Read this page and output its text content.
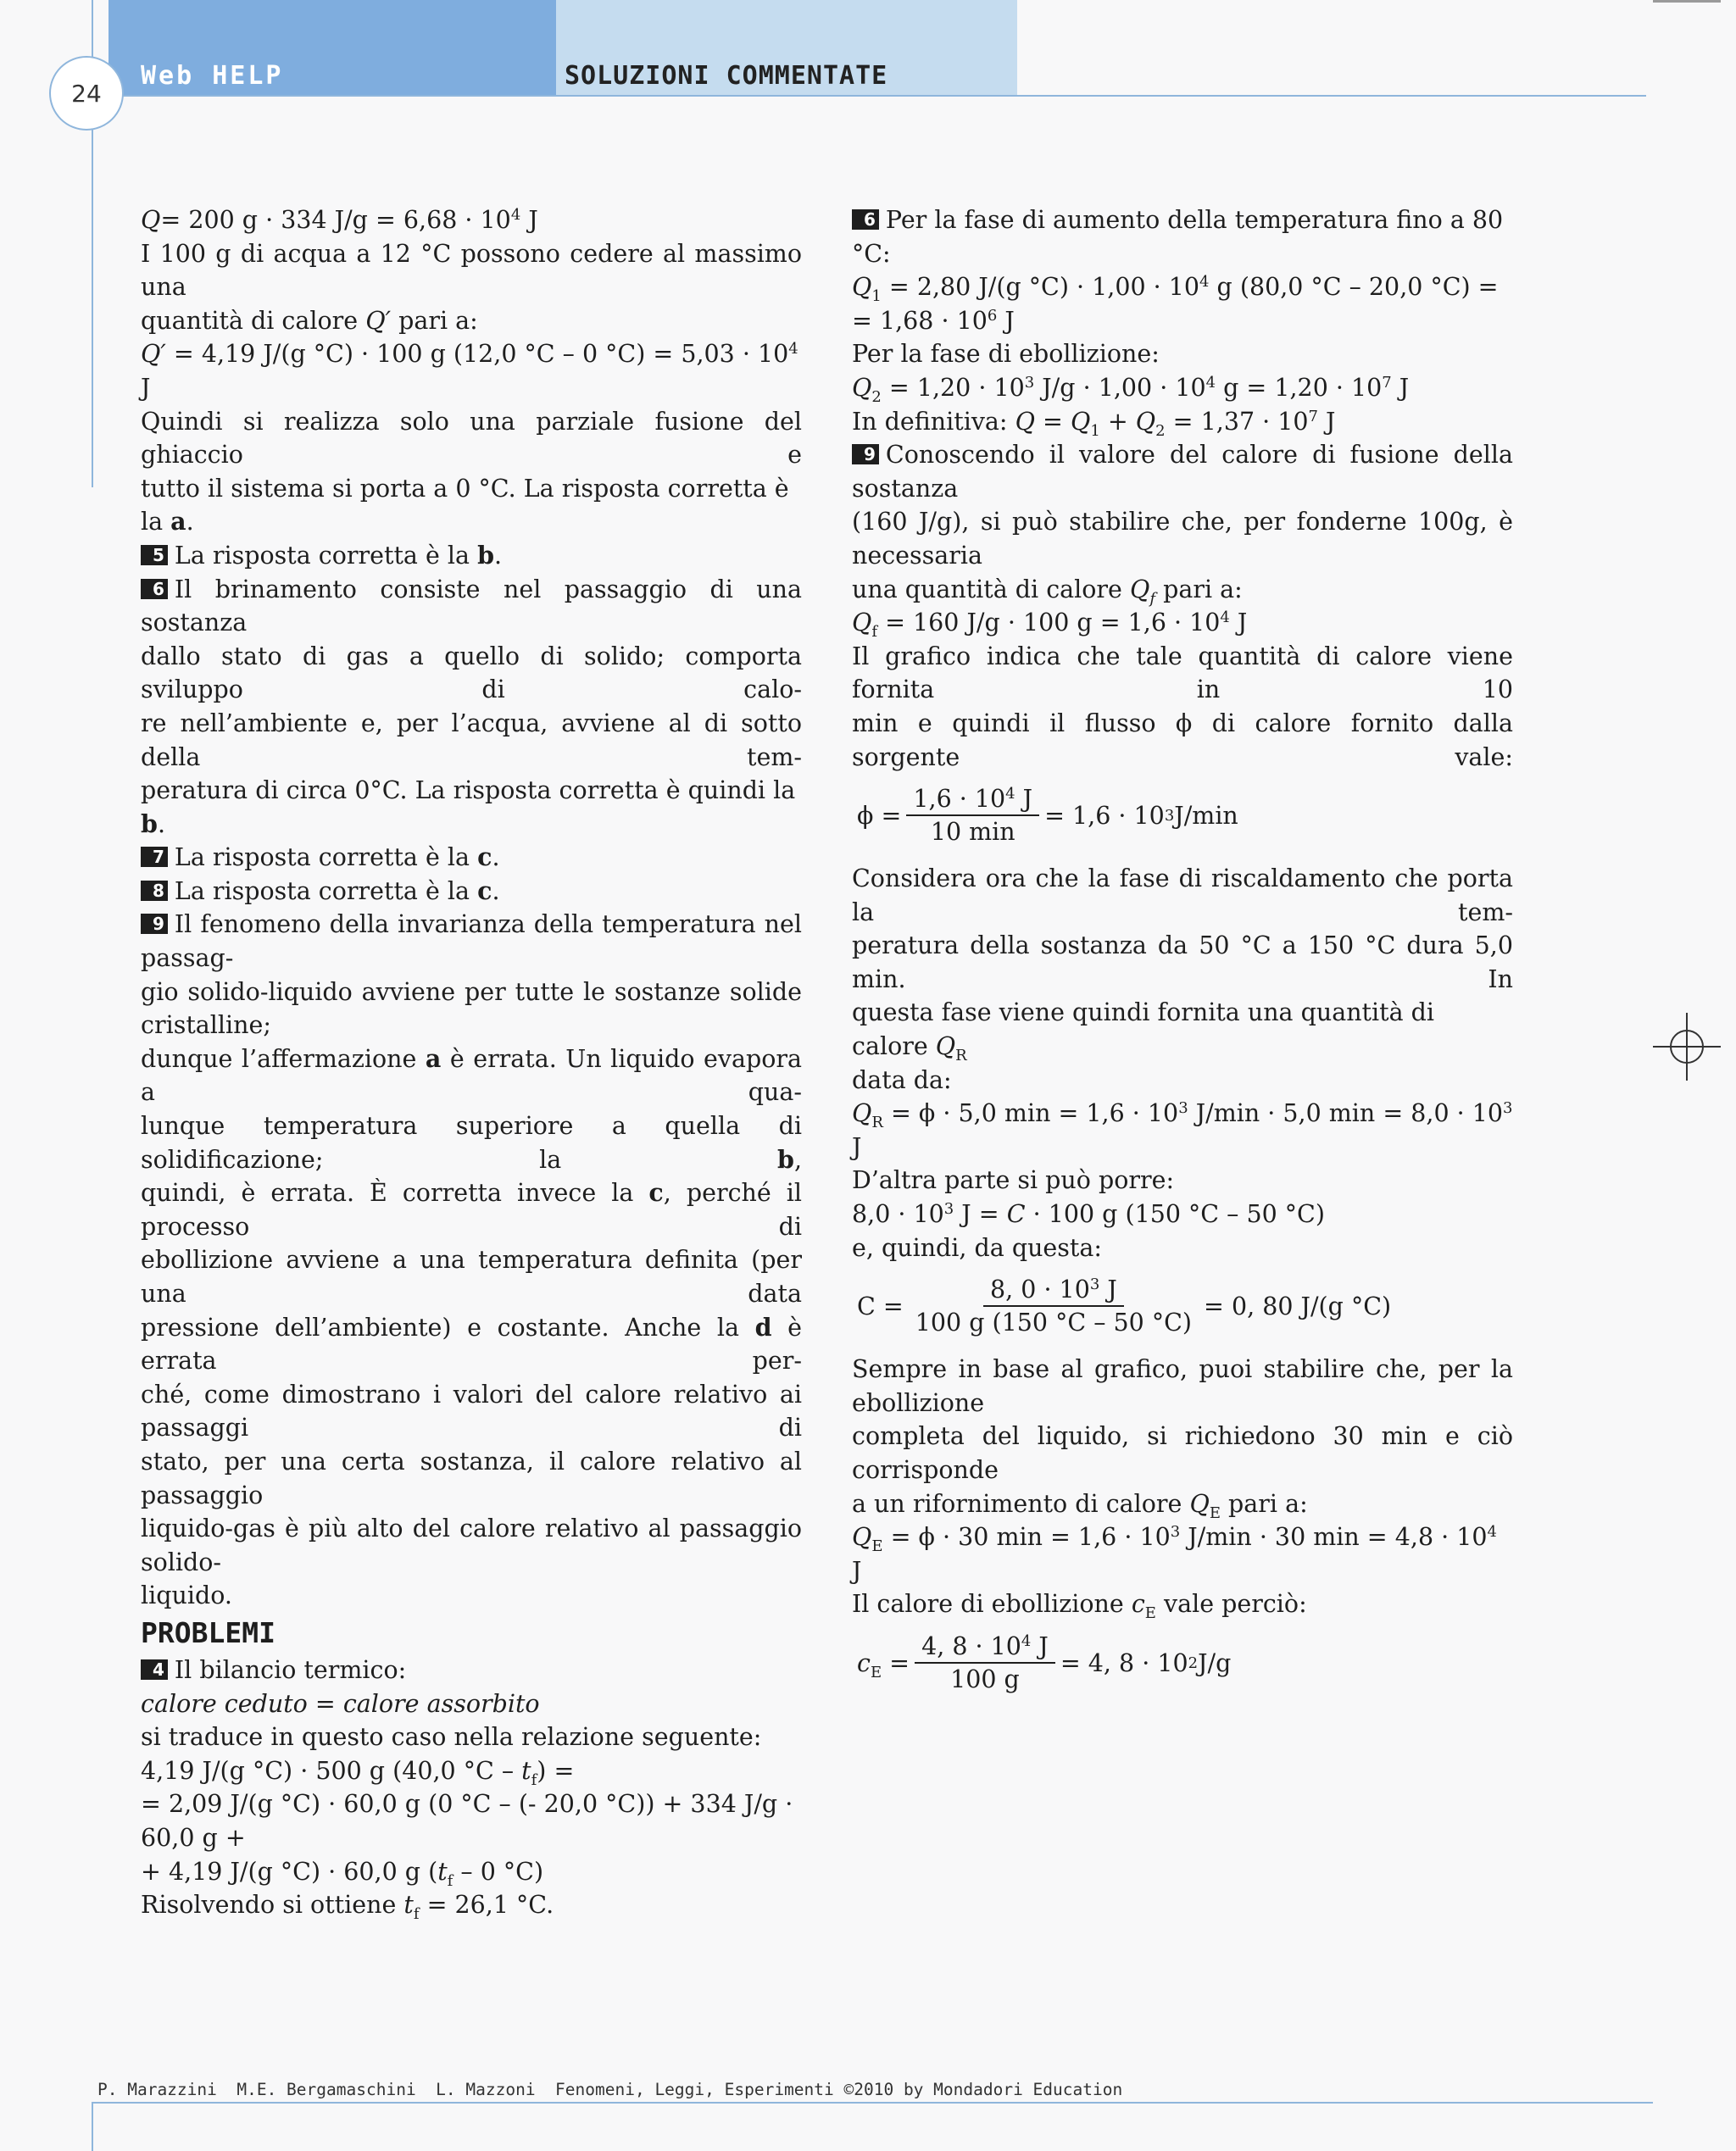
24
Web HELP	SOLUZIONI COMMENTATE

Q= 200 g · 334 $J/g = 6,68 \cdot 10^4$ J

I 100 g di acqua a 12 °C possono cedere al massimo una

quantità di calore Q′ pari a:

Q′ = 4,19 J/(g °C) · 100 g (12,0 °C – 0 $^\circ C) = 5,03 \cdot 10^4$ J

Quindi si realizza solo una parziale fusione del ghiaccio e

tutto il sistema si porta a 0 °C. La risposta corretta è la a.

5 La risposta corretta è la b.

6 Il brinamento consiste nel passaggio di una sostanza

dallo stato di gas a quello di solido; comporta sviluppo di calo-

re nell’ambiente e, per l’acqua, avviene al di sotto della tem-

peratura di circa 0°C. La risposta corretta è quindi la b.

7 La risposta corretta è la c.

8 La risposta corretta è la c.

9 Il fenomeno della invarianza della temperatura nel passag-

gio solido-liquido avviene per tutte le sostanze solide cristalline;

dunque l’affermazione a è errata. Un liquido evapora a qua-

lunque temperatura superiore a quella di solidificazione; la b,

quindi, è errata. È corretta invece la c, perché il processo di

ebollizione avviene a una temperatura definita (per una data

pressione dell’ambiente) e costante. Anche la d è errata per-

ché, come dimostrano i valori del calore relativo ai passaggi di

stato, per una certa sostanza, il calore relativo al passaggio

liquido-gas è più alto del calore relativo al passaggio solido-

liquido.

PROBLEMI

4 Il bilancio termico:

calore ceduto = calore assorbito

si traduce in questo caso nella relazione seguente:

4,19 J/(g °C) · 500 g (40,0 $^\circ C - t_f$) =

= 2,09 J/(g °C) · 60,0 g (0 °C – (- 20,0 °C)) + 334 J/g · 60,0 g +

+ 4,19 J/(g °C) · 60,0 g ($t_f - 0$ °C)

Risolvendo si ottiene $t_f = 26,1$ °C.

6 Per la fase di aumento della temperatura fino a 80 °C:

$Q_1 = 2,80$ J/(g $^\circ C) \cdot 1,00 \cdot 10^4$ g (80,0 °C – 20,0 °C) =

= $1,68 \cdot 10^6$ J

Per la fase di ebollizione:

$Q_2 = 1,20 \cdot 10^3$ $J/g \cdot 1,00 \cdot 10^4$ $g = 1,20 \cdot 10^7$ J

In definitiva: $Q = Q_1 + Q_2 = 1,37 \cdot 10^7$ J

9 Conoscendo il valore del calore di fusione della sostanza

(160 J/g), si può stabilire che, per fonderne 100g, è necessaria

una quantità di calore $Q_f$ pari a:

$Q_f = 160$ J/g · 100 $g = 1,6 \cdot 10^4$ J

Il grafico indica che tale quantità di calore viene fornita in 10

min e quindi il flusso ϕ di calore fornito dalla sorgente vale:

$\phi = \frac{1,6 \cdot 10^4 J}{10 \min} = 1,6 \cdot 10$ 3 J/min

Considera ora che la fase di riscaldamento che porta la tem-

peratura della sostanza da 50 °C a 150 °C dura 5,0 min. In

questa fase viene quindi fornita una quantità di calore $Q_R$

data da:

$Q_R = \phi \cdot 5,0$ $\min = 1,6 \cdot 10^3$ J/min · 5,0 $\min = 8,0 \cdot 10^3$ J

D’altra parte si può porre:

$8,0 \cdot 10^3$ J = C · 100 g (150 °C – 50 °C)

e, quindi, da questa:

$C = \frac{8, 0 \cdot 10^3 J}{100 g (150 ^\circ C - 50 ^\circ C)} = 0$, 80 J/(g °C)

Sempre in base al grafico, puoi stabilire che, per la ebollizione

completa del liquido, si richiedono 30 min e ciò corrisponde

a un rifornimento di calore $Q_E$ pari a:

$Q_E = \phi \cdot 30$ $\min = 1,6 \cdot 10^3$ J/min · 30 $\min = 4,8 \cdot 10^4$ J

Il calore di ebollizione $c_E$ vale perciò:

$c_E = \frac{4, 8 \cdot 10^4 J}{100 g} = 4$, 8 · 10 2 J/g
P. Marazzini  M.E. Bergamaschini  L. Mazzoni  Fenomeni, Leggi, Esperimenti ©2010 by Mondadori Education
